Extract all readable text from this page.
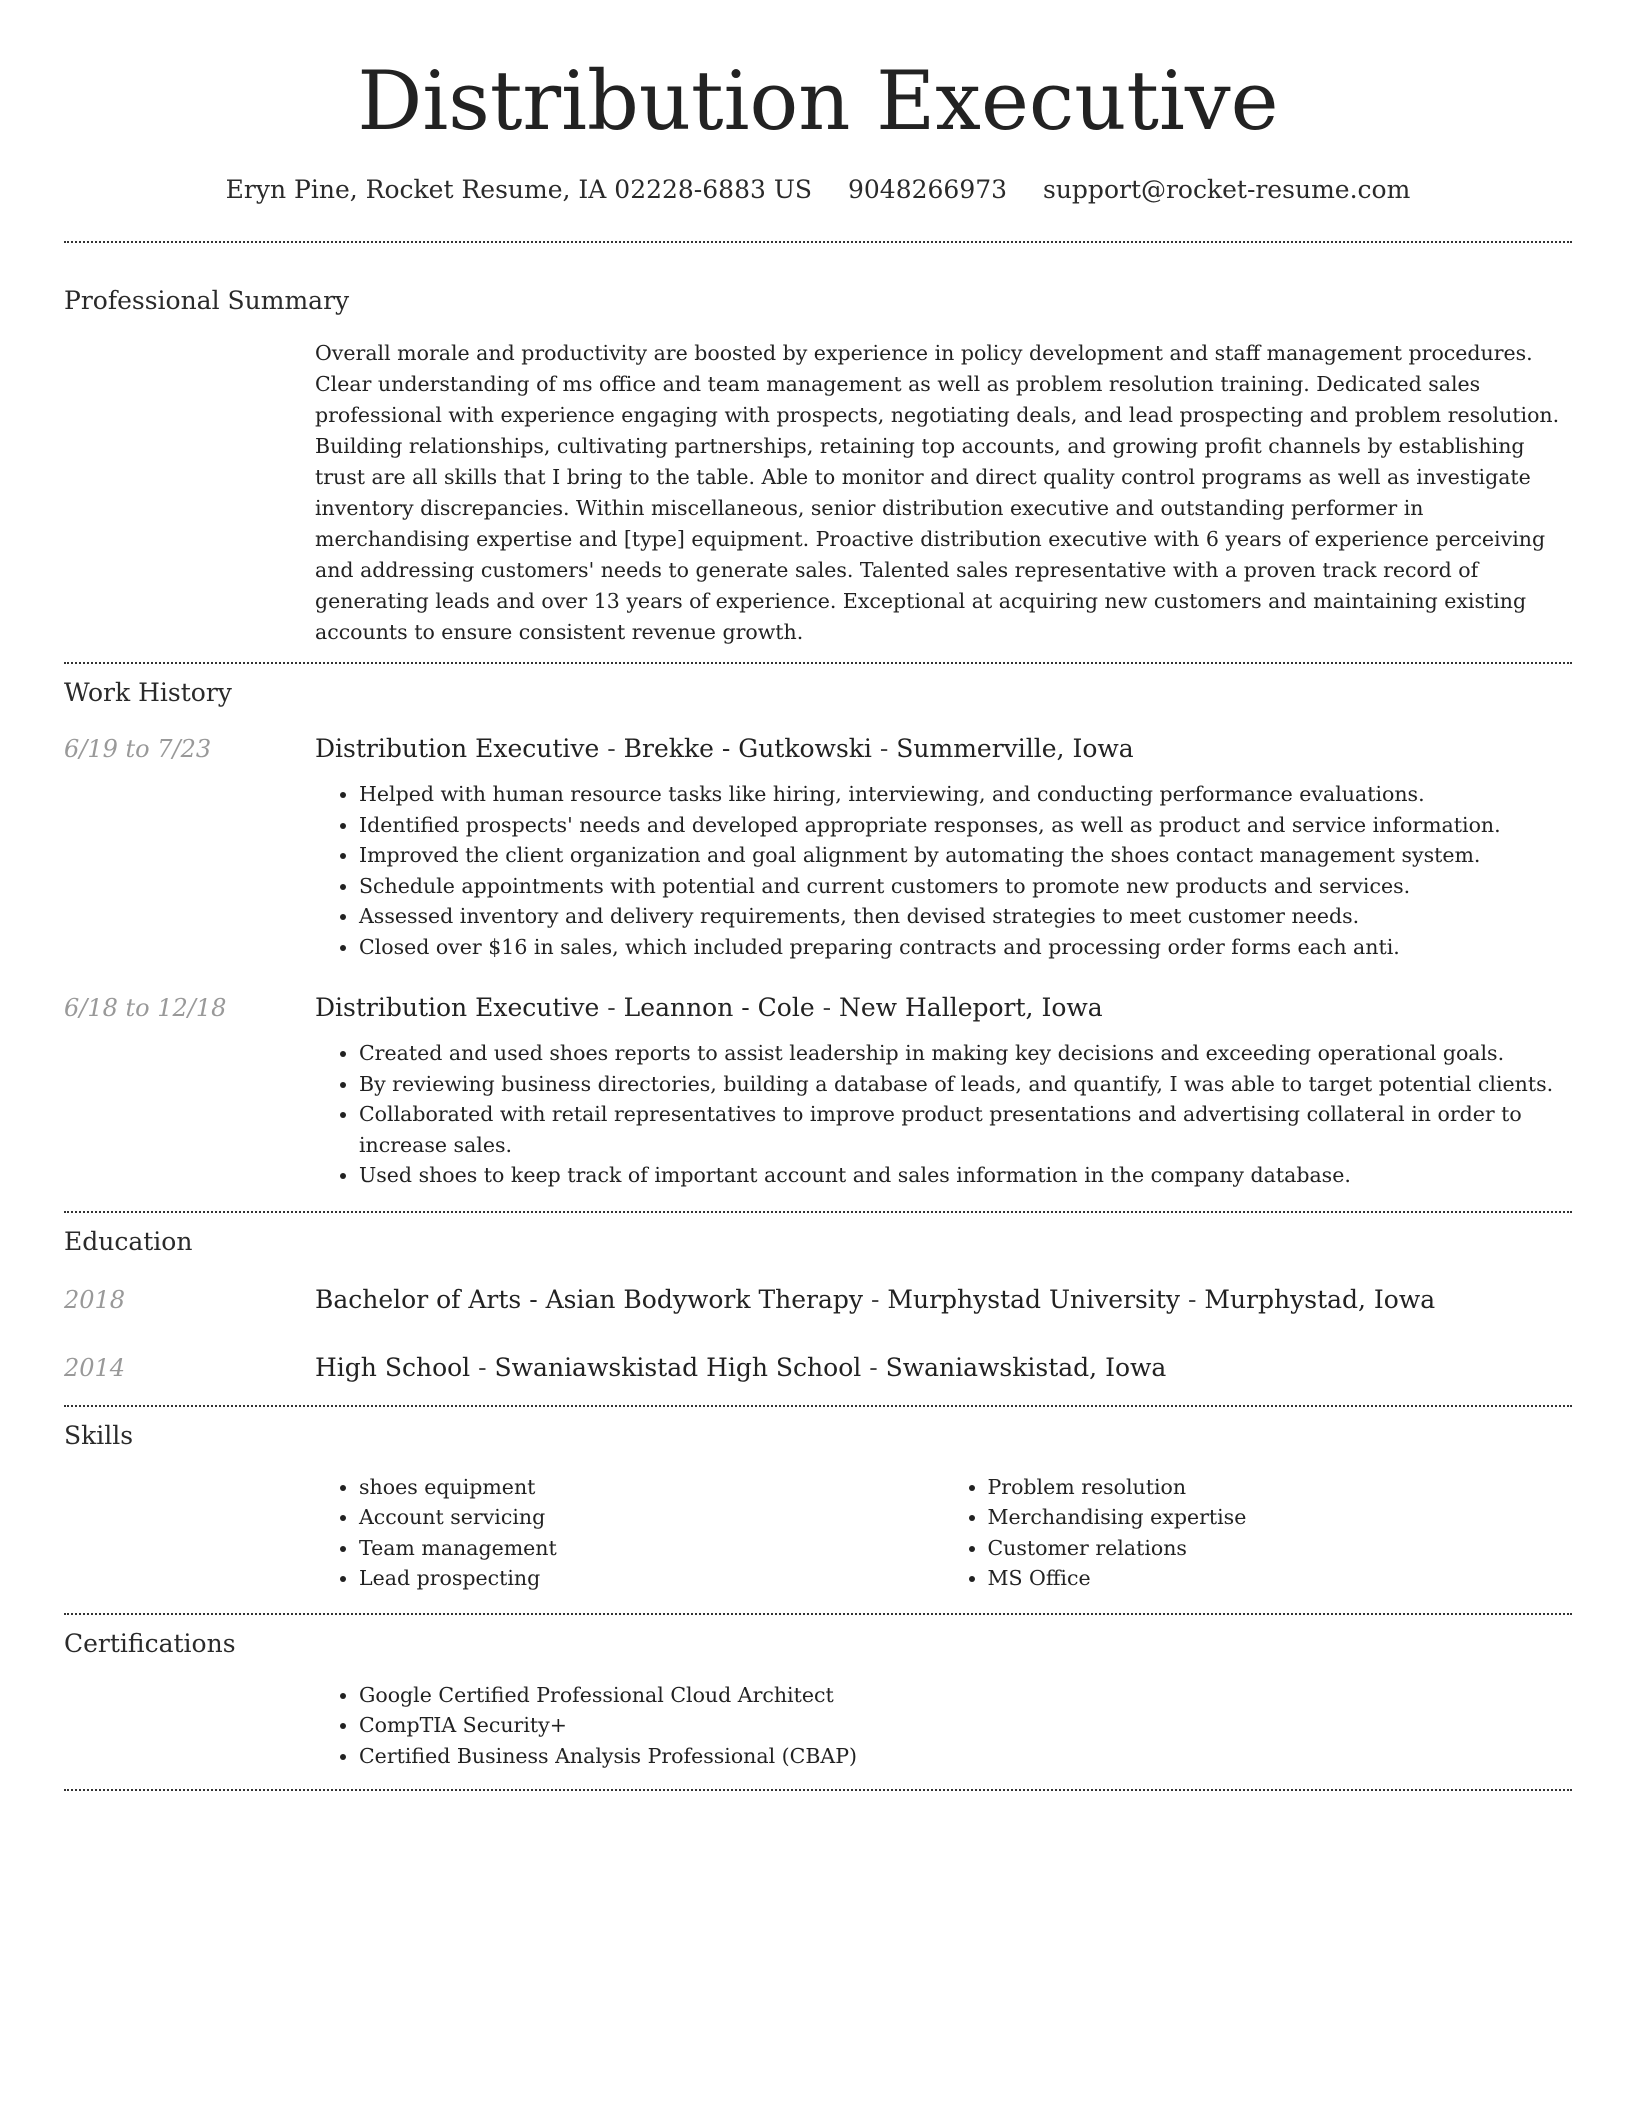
Distribution Executive
Eryn Pine, Rocket Resume, IA 02228-6883 US 9048266973 support@rocket-resume.com
Professional Summary
Overall morale and productivity are boosted by experience in policy development and staff management procedures. Clear understanding of ms office and team management as well as problem resolution training. Dedicated sales professional with experience engaging with prospects, negotiating deals, and lead prospecting and problem resolution. Building relationships, cultivating partnerships, retaining top accounts, and growing profit channels by establishing trust are all skills that I bring to the table. Able to monitor and direct quality control programs as well as investigate inventory discrepancies. Within miscellaneous, senior distribution executive and outstanding performer in merchandising expertise and [type] equipment. Proactive distribution executive with 6 years of experience perceiving and addressing customers' needs to generate sales. Talented sales representative with a proven track record of generating leads and over 13 years of experience. Exceptional at acquiring new customers and maintaining existing accounts to ensure consistent revenue growth.
Work History
6/19 to 7/23	Distribution Executive - Brekke - Gutkowski - Summerville, Iowa
• Helped with human resource tasks like hiring, interviewing, and conducting performance evaluations.
• Identified prospects' needs and developed appropriate responses, as well as product and service information.
• Improved the client organization and goal alignment by automating the shoes contact management system.
• Schedule appointments with potential and current customers to promote new products and services.
• Assessed inventory and delivery requirements, then devised strategies to meet customer needs.
• Closed over $16 in sales, which included preparing contracts and processing order forms each anti.
6/18 to 12/18	Distribution Executive - Leannon - Cole - New Halleport, Iowa
• Created and used shoes reports to assist leadership in making key decisions and exceeding operational goals.
• By reviewing business directories, building a database of leads, and quantify, I was able to target potential clients.
• Collaborated with retail representatives to improve product presentations and advertising collateral in order to increase sales.
• Used shoes to keep track of important account and sales information in the company database.
Education
2018	Bachelor of Arts - Asian Bodywork Therapy - Murphystad University - Murphystad, Iowa
2014	High School - Swaniawskistad High School - Swaniawskistad, Iowa
Skills
• shoes equipment
• Account servicing
• Team management
• Lead prospecting
• Problem resolution
• Merchandising expertise
• Customer relations
• MS Office
Certifications
• Google Certified Professional Cloud Architect
• CompTIA Security+
• Certified Business Analysis Professional (CBAP)
